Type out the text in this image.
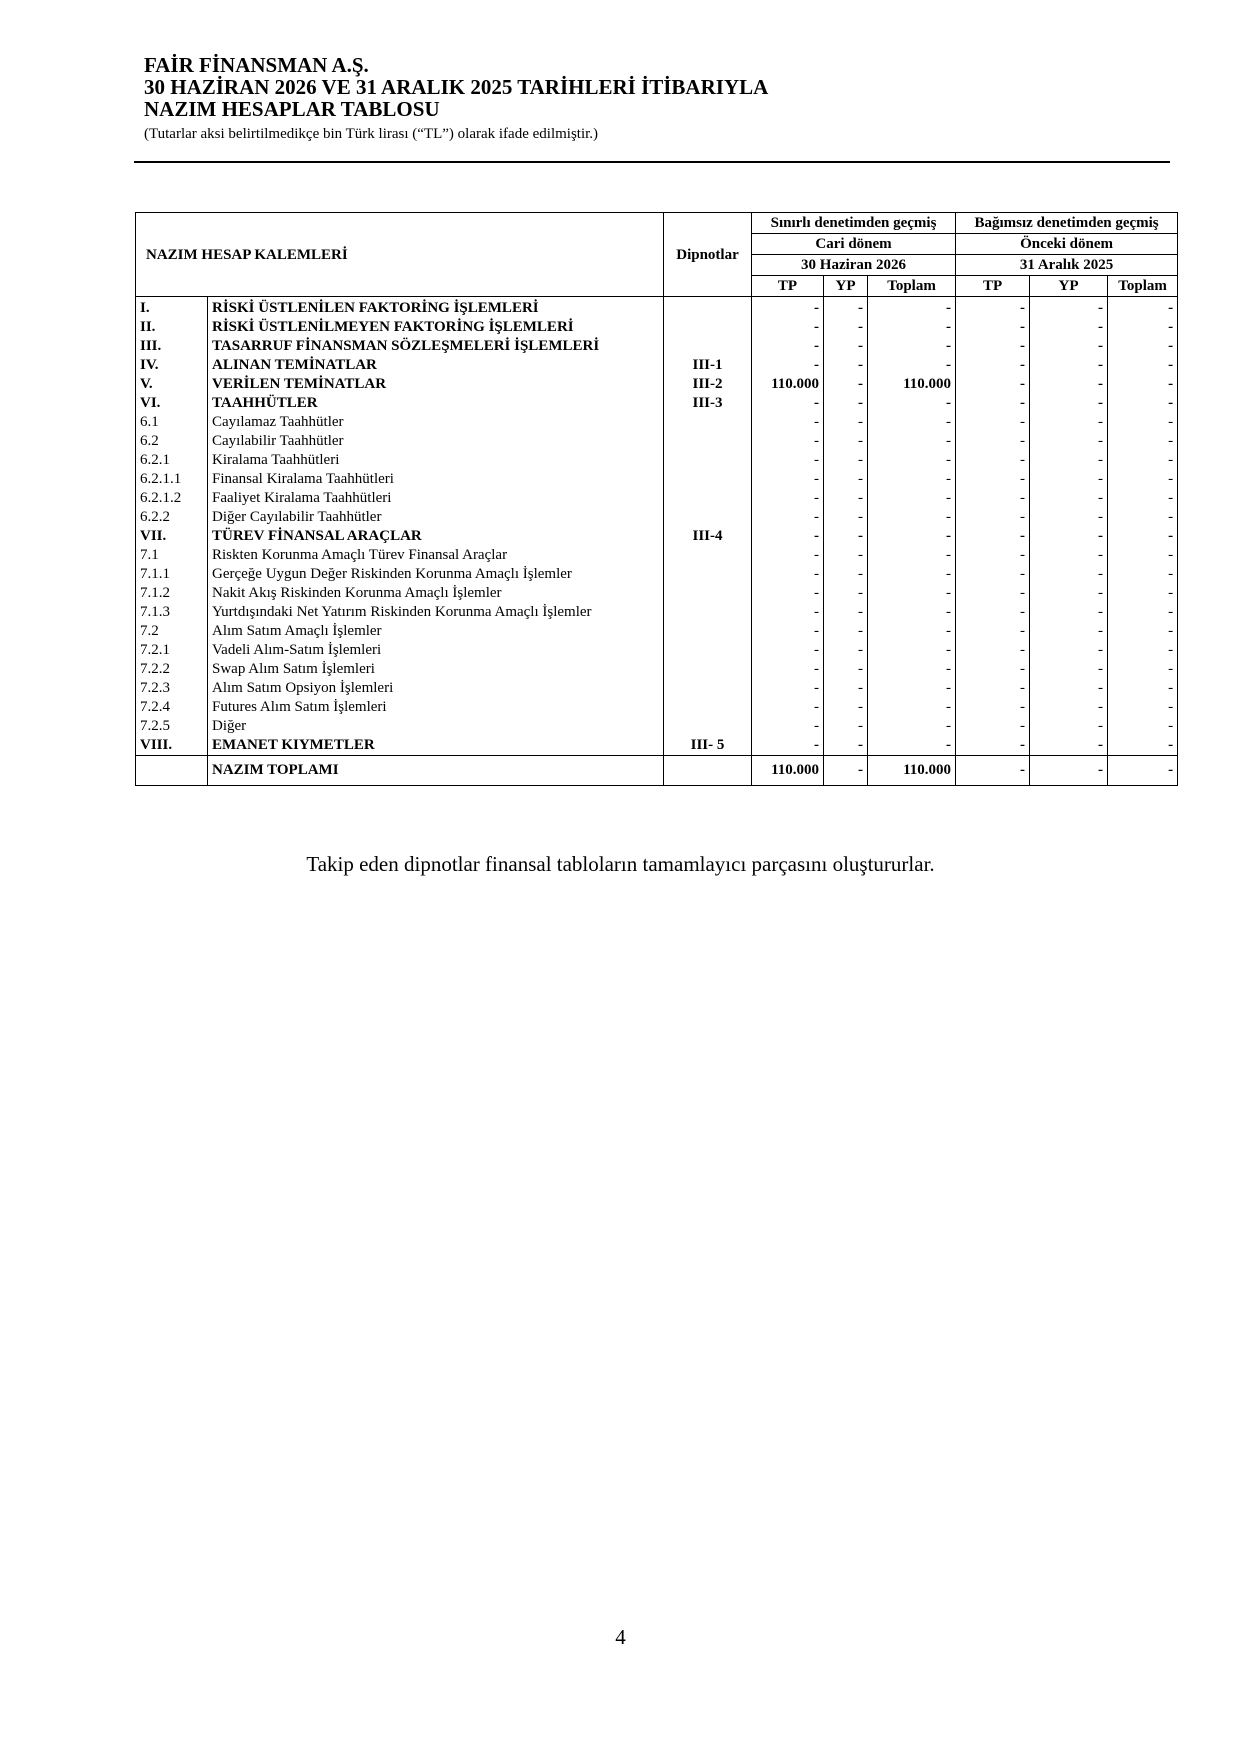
FAİR FİNANSMAN A.Ş.
30 HAZİRAN 2026 VE 31 ARALIK 2025 TARİHLERİ İTİBARIYLA
NAZIM HESAPLAR TABLOSU
(Tutarlar aksi belirtilmedikçe bin Türk lirası (“TL”) olarak ifade edilmiştir.)
NAZIM HESAP KALEMLERİ		Dipnotlar	Sınırlı denetimden geçmiş			Bağımsız denetimden geçmiş		
			Cari dönem			Önceki dönem		
			30 Haziran 2026			31 Aralık 2025		
			TP	YP	Toplam	TP	YP	Toplam
I.	RİSKİ ÜSTLENİLEN FAKTORİNG İŞLEMLERİ		-	-	-	-	-	-
II.	RİSKİ ÜSTLENİLMEYEN FAKTORİNG İŞLEMLERİ		-	-	-	-	-	-
III.	TASARRUF FİNANSMAN SÖZLEŞMELERİ İŞLEMLERİ		-	-	-	-	-	-
IV.	ALINAN TEMİNATLAR	III-1	-	-	-	-	-	-
V.	VERİLEN TEMİNATLAR	III-2	110.000	-	110.000	-	-	-
VI.	TAAHHÜTLER	III-3	-	-	-	-	-	-
6.1	Cayılamaz Taahhütler		-	-	-	-	-	-
6.2	Cayılabilir Taahhütler		-	-	-	-	-	-
6.2.1	Kiralama Taahhütleri		-	-	-	-	-	-
6.2.1.1	Finansal Kiralama Taahhütleri		-	-	-	-	-	-
6.2.1.2	Faaliyet Kiralama Taahhütleri		-	-	-	-	-	-
6.2.2	Diğer Cayılabilir Taahhütler		-	-	-	-	-	-
VII.	TÜREV FİNANSAL ARAÇLAR	III-4	-	-	-	-	-	-
7.1	Riskten Korunma Amaçlı Türev Finansal Araçlar		-	-	-	-	-	-
7.1.1	Gerçeğe Uygun Değer Riskinden Korunma Amaçlı İşlemler		-	-	-	-	-	-
7.1.2	Nakit Akış Riskinden Korunma Amaçlı İşlemler		-	-	-	-	-	-
7.1.3	Yurtdışındaki Net Yatırım Riskinden Korunma Amaçlı İşlemler		-	-	-	-	-	-
7.2	Alım Satım Amaçlı İşlemler		-	-	-	-	-	-
7.2.1	Vadeli Alım-Satım İşlemleri		-	-	-	-	-	-
7.2.2	Swap Alım Satım İşlemleri		-	-	-	-	-	-
7.2.3	Alım Satım Opsiyon İşlemleri		-	-	-	-	-	-
7.2.4	Futures Alım Satım İşlemleri		-	-	-	-	-	-
7.2.5	Diğer		-	-	-	-	-	-
VIII.	EMANET KIYMETLER	III- 5	-	-	-	-	-	-
	NAZIM TOPLAMI		110.000	-	110.000	-	-	-
Takip eden dipnotlar finansal tabloların tamamlayıcı parçasını oluştururlar.
4
